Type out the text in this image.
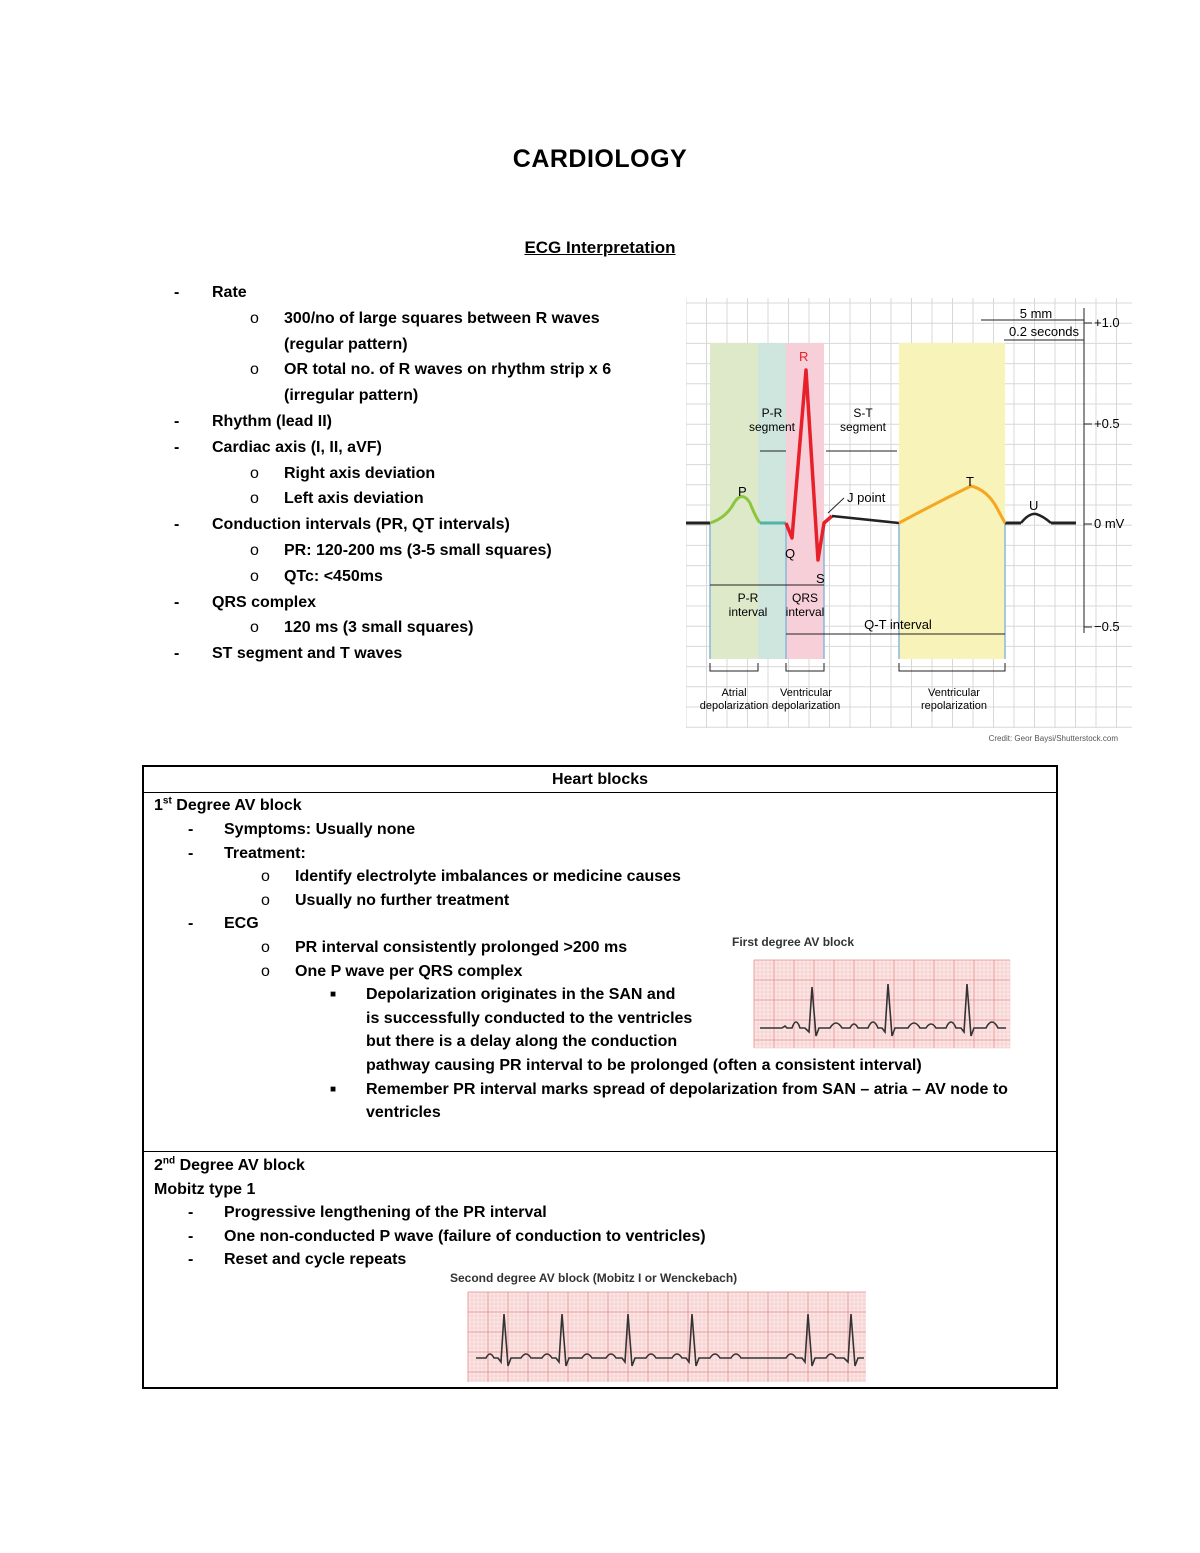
CARDIOLOGY
ECG Interpretation
- Rate
o 300/no of large squares between R waves
(regular pattern)
o OR total no. of R waves on rhythm strip x 6
(irregular pattern)
- Rhythm (lead II)
- Cardiac axis (I, II, aVF)
o Right axis deviation
o Left axis deviation
- Conduction intervals (PR, QT intervals)
o PR: 120-200 ms (3-5 small squares)
o QTc: <450ms
- QRS complex
o 120 ms (3 small squares)
- ST segment and T waves
5 mm
0.2 seconds
+1.0
+0.5
0 mV
−0.5
R
P
Q
S
T
U
P-R
segment
S-T
segment
J point
P-R
interval
QRS
interval
Q-T interval
Atrial
depolarization
Ventricular
depolarization
Ventricular
repolarization
Credit: Geor Baysi/Shutterstock.com
Heart blocks
1st Degree AV block
- Symptoms: Usually none
- Treatment:
o Identify electrolyte imbalances or medicine causes
o Usually no further treatment
- ECG
o PR interval consistently prolonged >200 ms
o One P wave per QRS complex
■ Depolarization originates in the SAN and
is successfully conducted to the ventricles
but there is a delay along the conduction
pathway causing PR interval to be prolonged (often a consistent interval)
■ Remember PR interval marks spread of depolarization from SAN – atria – AV node to
ventricles
First degree AV block
2nd Degree AV block
Mobitz type 1
- Progressive lengthening of the PR interval
- One non-conducted P wave (failure of conduction to ventricles)
- Reset and cycle repeats
Second degree AV block (Mobitz I or Wenckebach)
